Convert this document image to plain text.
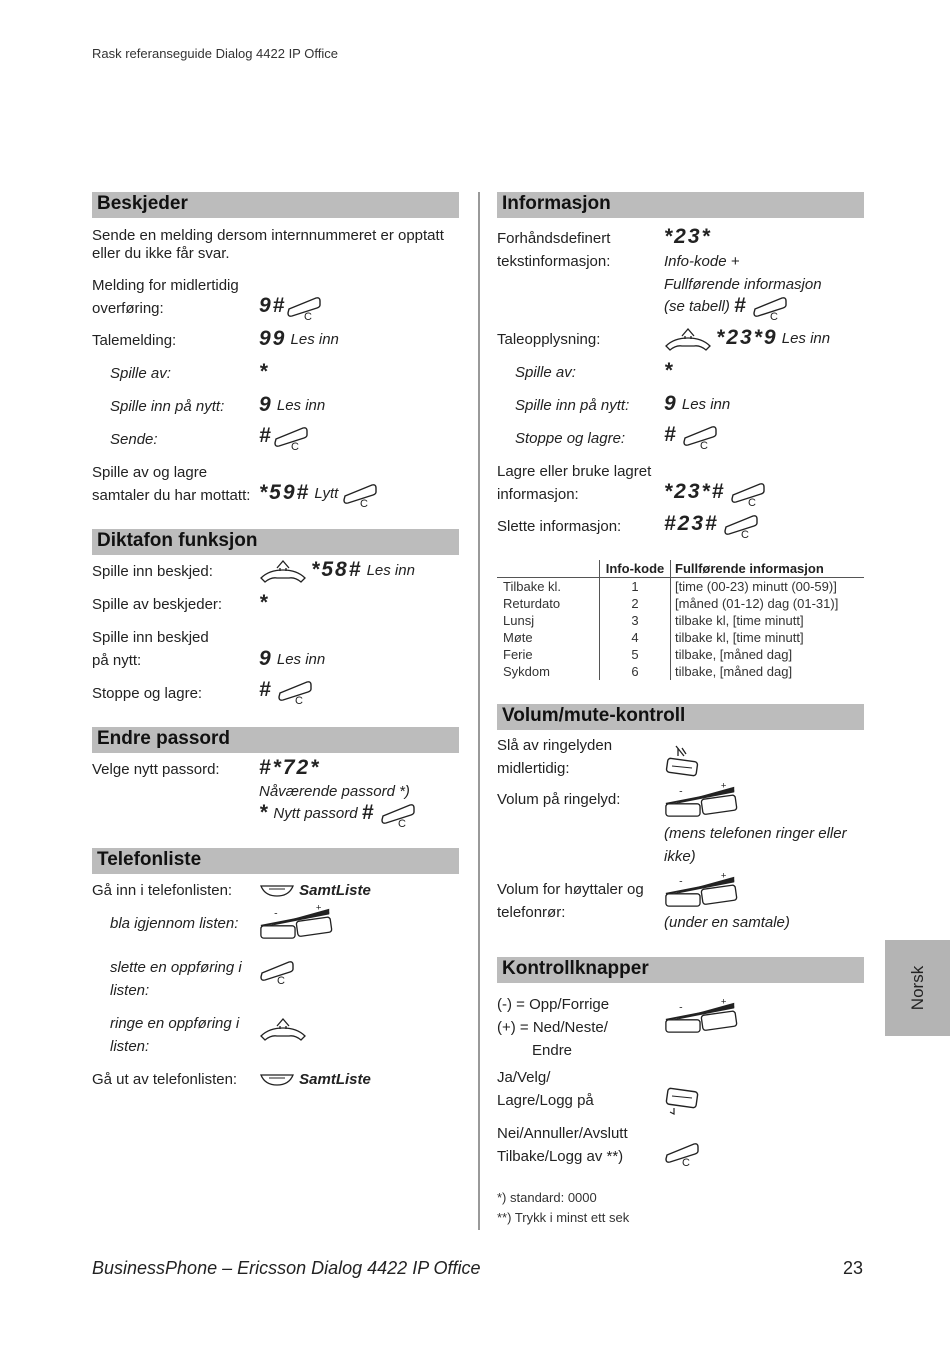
Rask referanseguide Dialog 4422 IP Office
Beskjeder
Sende en melding dersom internnummeret er opptatt
eller du ikke får svar.
Melding for midlertidig
overføring:	9#
Talemelding:	99 Les inn
Spille av:	*
Spille inn på nytt: 9 Les inn
Sende:	#
Spille av og lagre
samtaler du har mottatt: *59# Lytt
Diktafon funksjon
Spille inn beskjed:	*58# Les inn
Spille av beskjeder: *
Spille inn beskjed
på nytt:	9 Les inn
Stoppe og lagre:	#
Endre passord
Velge nytt passord: #*72*
Nåværende passord *)
* Nytt passord #
Telefonliste
Gå inn i telefonlisten:	SamtListe
bla igjennom listen:
slette en oppføring i
listen:
ringe en oppføring i
listen:
Gå ut av telefonlisten:	SamtListe
Informasjon
Forhåndsdefinert
tekstinformasjon:
*23*
Info-kode +
Fullførende informasjon
(se tabell) #
Taleopplysning:	*23*9 Les inn
Spille av:	*
Spille inn på nytt: 9 Les inn
Stoppe og lagre: #
Lagre eller bruke lagret
informasjon:	*23*#
Slette informasjon: #23#
	Info-kode	Fullførende informasjon
Tilbake kl.	1	[time (00-23) minutt (00-59)]
Returdato	2	[måned (01-12) dag (01-31)]
Lunsj	3	tilbake kl, [time minutt]
Møte	4	tilbake kl, [time minutt]
Ferie	5	tilbake, [måned dag]
Sykdom	6	tilbake, [måned dag]
Volum/mute-kontroll
Slå av ringelyden
midlertidig:
Volum på ringelyd:
(mens telefonen ringer eller
ikke)
Volum for høyttaler og
telefonrør:
(under en samtale)
Kontrollknapper
(-) = Opp/Forrige
(+) = Ned/Neste/
Endre
Ja/Velg/
Lagre/Logg på
Nei/Annuller/Avslutt
Tilbake/Logg av **)
*) standard: 0000
**) Trykk i minst ett sek
Norsk
BusinessPhone – Ericsson Dialog 4422 IP Office	23
